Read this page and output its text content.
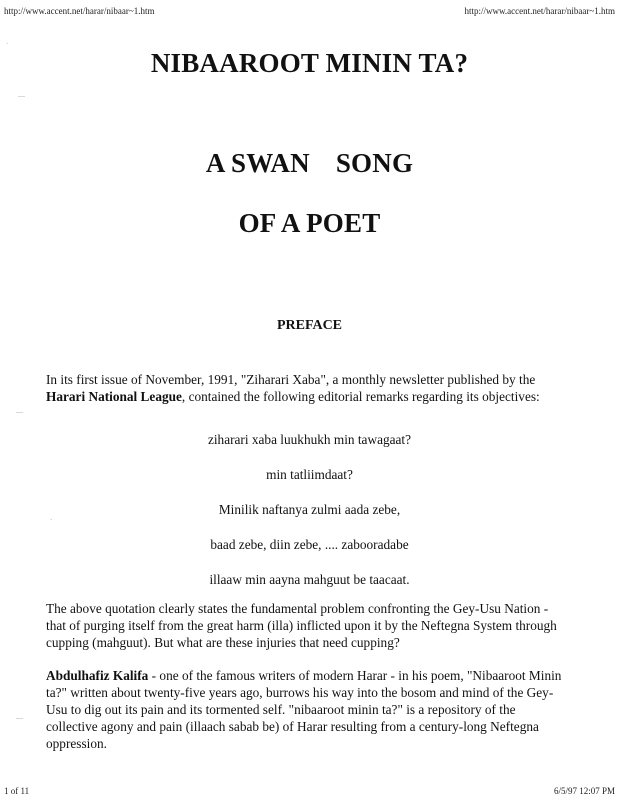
http://www.accent.net/harar/nibaar~1.htm	http://www.accent.net/harar/nibaar~1.htm
NIBAAROOT MININ TA?
A SWAN SONG
OF A POET
PREFACE

In its first issue of November, 1991, "Ziharari Xaba", a monthly newsletter published by the Harari National League, contained the following editorial remarks regarding its objectives:

ziharari xaba luukhukh min tawagaat?

min tatliimdaat?

Minilik naftanya zulmi aada zebe,

baad zebe, diin zebe, .... zabooradabe

illaaw min aayna mahguut be taacaat.

The above quotation clearly states the fundamental problem confronting the Gey-Usu Nation -that of purging itself from the great harm (illa) inflicted upon it by the Neftegna System through cupping (mahguut). But what are these injuries that need cupping?

Abdulhafiz Kalifa - one of the famous writers of modern Harar - in his poem, "Nibaaroot Minin ta?" written about twenty-five years ago, burrows his way into the bosom and mind of the Gey-Usu to dig out its pain and its tormented self. "nibaaroot minin ta?" is a repository of the collective agony and pain (illaach sabab be) of Harar resulting from a century-long Neftegna oppression.

1 of 11	6/5/97 12:07 PM
―
―
―
·
·
